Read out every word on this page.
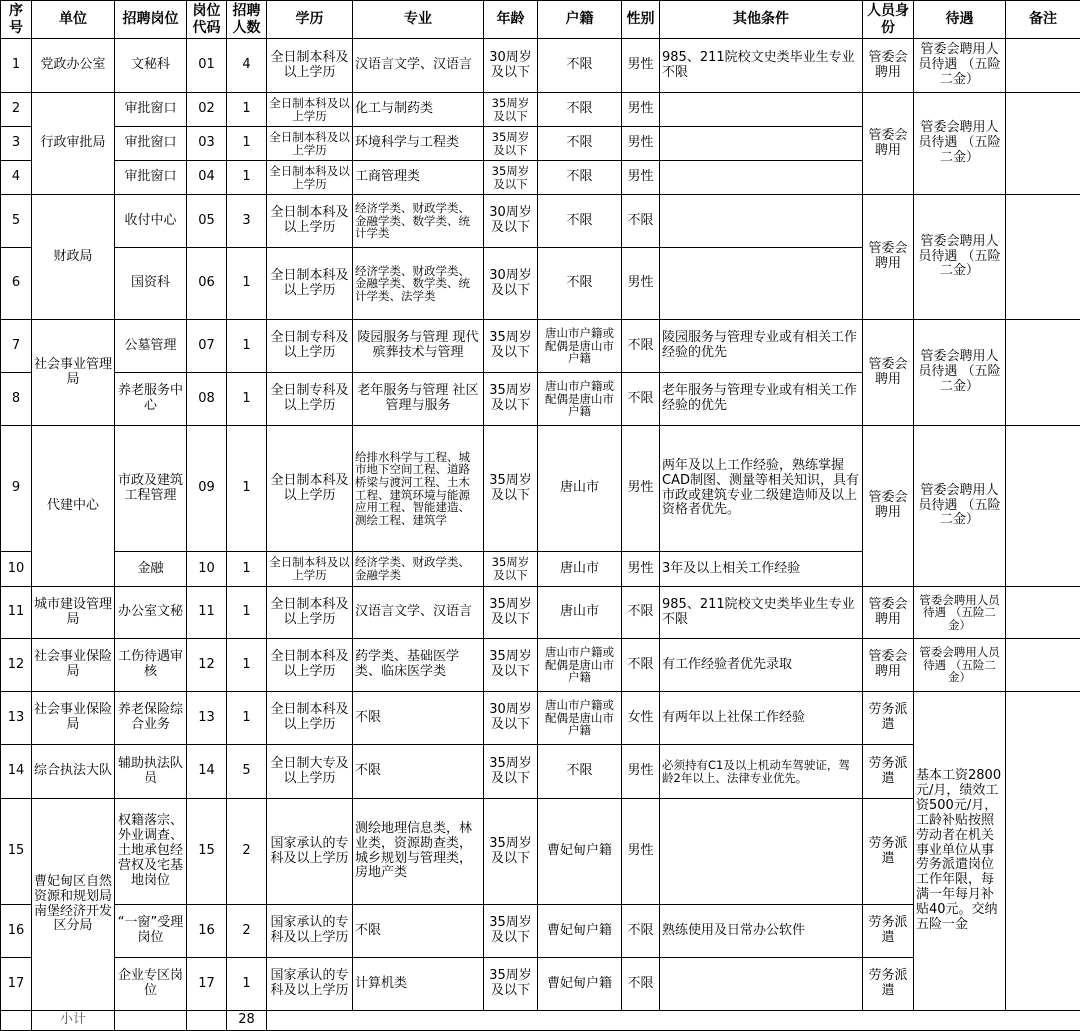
序号	单位	招聘岗位	岗位代码	招聘人数	学历	专业	年龄	户籍	性别	其他条件	人员身份	待遇	备注
1	党政办公室	文秘科	01	4	全日制本科及以上学历	汉语言文学、汉语言	30周岁及以下	不限	男性	985、211院校文史类毕业生专业不限	管委会聘用	管委会聘用人员待遇 （五险二金）	
2	行政审批局	审批窗口	02	1	全日制本科及以上学历	化工与制药类	35周岁及以下	不限	男性		管委会聘用	管委会聘用人员待遇 （五险二金）	
3		审批窗口	03	1	全日制本科及以上学历	环境科学与工程类	35周岁及以下	不限	男性				
4		审批窗口	04	1	全日制本科及以上学历	工商管理类	35周岁及以下	不限	男性				
5	财政局	收付中心	05	3	全日制本科及以上学历	经济学类、财政学类、金融学类、数学类、统计学类	30周岁及以下	不限	不限		管委会聘用	管委会聘用人员待遇 （五险二金）	
6		国资科	06	1	全日制本科及以上学历	经济学类、财政学类、金融学类、数学类、统计学类、法学类	30周岁及以下	不限	男性				
7	社会事业管理局	公墓管理	07	1	全日制专科及以上学历	陵园服务与管理 现代殡葬技术与管理	35周岁及以下	唐山市户籍或配偶是唐山市户籍	不限	陵园服务与管理专业或有相关工作经验的优先	管委会聘用	管委会聘用人员待遇 （五险二金）	
8		养老服务中心	08	1	全日制专科及以上学历	老年服务与管理 社区管理与服务	35周岁及以下	唐山市户籍或配偶是唐山市户籍	不限	老年服务与管理专业或有相关工作经验的优先			
9	代建中心	市政及建筑工程管理	09	1	全日制本科及以上学历	给排水科学与工程、城市地下空间工程、道路桥梁与渡河工程、土木工程、建筑环境与能源应用工程、智能建造、测绘工程、建筑学	35周岁及以下	唐山市	男性	两年及以上工作经验，熟练掌握CAD制图、测量等相关知识，具有市政或建筑专业二级建造师及以上资格者优先。	管委会聘用	管委会聘用人员待遇 （五险二金）	
10		金融	10	1	全日制本科及以上学历	经济学类、财政学类、金融学类	35周岁及以下	唐山市	男性	3年及以上相关工作经验			
11	城市建设管理局	办公室文秘	11	1	全日制本科及以上学历	汉语言文学、汉语言	35周岁及以下	唐山市	不限	985、211院校文史类毕业生专业不限	管委会聘用	管委会聘用人员待遇 （五险二金）	
12	社会事业保险局	工伤待遇审核	12	1	全日制本科及以上学历	药学类、基础医学类、临床医学类	35周岁及以下	唐山市户籍或配偶是唐山市户籍	不限	有工作经验者优先录取	管委会聘用	管委会聘用人员待遇 （五险二金）	
13	社会事业保险局	养老保险综合业务	13	1	全日制本科及以上学历	不限	30周岁及以下	唐山市户籍或配偶是唐山市户籍	女性	有两年以上社保工作经验	劳务派遣	基本工资2800元/月，绩效工资500元/月，工龄补贴按照劳动者在机关事业单位从事劳务派遣岗位工作年限，每满一年每月补贴40元。交纳五险一金	
14	综合执法大队	辅助执法队员	14	5	全日制大专及以上学历	不限	35周岁及以下	不限	男性	必须持有C1及以上机动车驾驶证，驾龄2年以上、法律专业优先。	劳务派遣		
15	曹妃甸区自然资源和规划局南堡经济开发区分局	权籍落宗、外业调查、土地承包经营权及宅基地岗位	15	2	国家承认的专科及以上学历	测绘地理信息类，林业类，资源勘查类，城乡规划与管理类，房地产类	35周岁及以下	曹妃甸户籍	男性		劳务派遣		
16		“一窗”受理岗位	16	2	国家承认的专科及以上学历	不限	35周岁及以下	曹妃甸户籍	不限	熟练使用及日常办公软件	劳务派遣		
17		企业专区岗位	17	1	国家承认的专科及以上学历	计算机类	35周岁及以下	曹妃甸户籍	不限		劳务派遣		
	小计			28									
